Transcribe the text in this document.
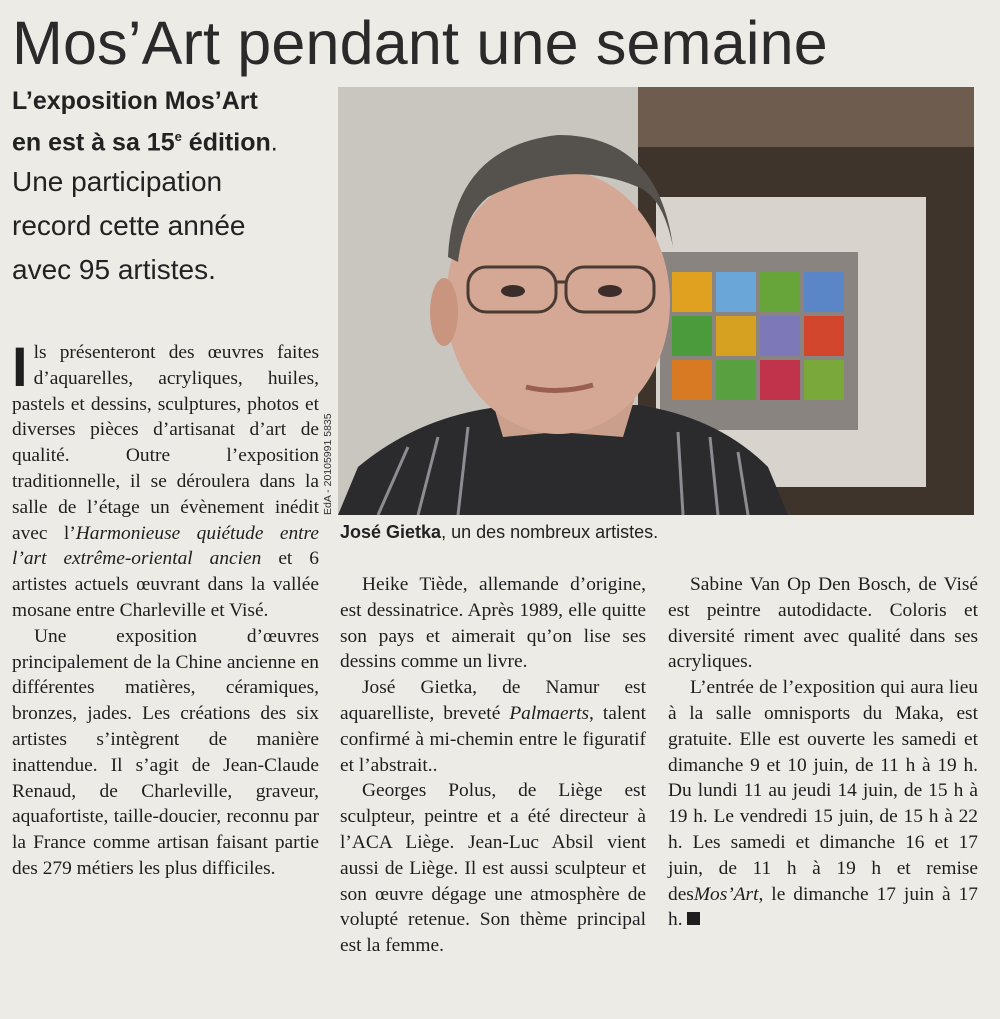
Mos’Art pendant une semaine
L’exposition Mos’Art
en est à sa 15e édition.
Une participation
record cette année
avec 95 artistes.
EdA - 20105991 5835
José Gietka, un des nombreux artistes.

Ils présenteront des œuvres faites d’aquarelles, acryliques, huiles, pastels et dessins, sculptures, photos et diverses pièces d’artisanat d’art de qualité. Outre l’exposition traditionnelle, il se déroulera dans la salle de l’étage un évènement inédit avec l’Harmonieuse quiétude entre l’art extrême-oriental ancien et 6 artistes actuels œuvrant dans la vallée mosane entre Charleville et Visé.

Une exposition d’œuvres principalement de la Chine ancienne en différentes matières, céramiques, bronzes, jades. Les créations des six artistes s’intègrent de manière inattendue. Il s’agit de Jean-Claude Renaud, de Charleville, graveur, aquafortiste, taille-doucier, reconnu par la France comme artisan faisant partie des 279 métiers les plus difficiles.

Heike Tiède, allemande d’origine, est dessinatrice. Après 1989, elle quitte son pays et aimerait qu’on lise ses dessins comme un livre.

José Gietka, de Namur est aquarelliste, breveté Palmaerts, talent confirmé à mi-chemin entre le figuratif et l’abstrait..

Georges Polus, de Liège est sculpteur, peintre et a été directeur à l’ACA Liège. Jean-Luc Absil vient aussi de Liège. Il est aussi sculpteur et son œuvre dégage une atmosphère de volupté retenue. Son thème principal est la femme.

Sabine Van Op Den Bosch, de Visé est peintre autodidacte. Coloris et diversité riment avec qualité dans ses acryliques.

L’entrée de l’exposition qui aura lieu à la salle omnisports du Maka, est gratuite. Elle est ouverte les samedi et dimanche 9 et 10 juin, de 11 h à 19 h. Du lundi 11 au jeudi 14 juin, de 15 h à 19 h. Le vendredi 15 juin, de 15 h à 22 h. Les samedi et dimanche 16 et 17 juin, de 11 h à 19 h et remise desMos’Art, le dimanche 17 juin à 17 h.
